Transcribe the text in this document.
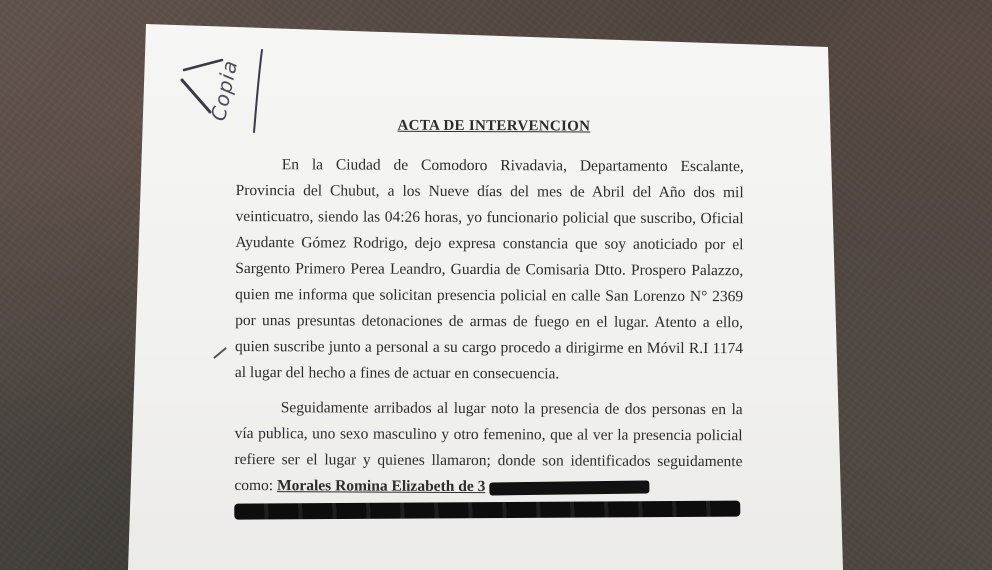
Copia
ACTA DE INTERVENCION

En la Ciudad de Comodoro Rivadavia, Departamento Escalante, Provincia del Chubut, a los Nueve días del mes de Abril del Año dos mil veinticuatro, siendo las 04:26 horas, yo funcionario policial que suscribo, Oficial Ayudante Gómez Rodrigo, dejo expresa constancia que soy anoticiado por el Sargento Primero Perea Leandro, Guardia de Comisaria Dtto. Prospero Palazzo, quien me informa que solicitan presencia policial en calle San Lorenzo N° 2369 por unas presuntas detonaciones de armas de fuego en el lugar. Atento a ello, quien suscribe junto a personal a su cargo procedo a dirigirme en Móvil R.I 1174 al lugar del hecho a fines de actuar en consecuencia.

Seguidamente arribados al lugar noto la presencia de dos personas en la vía publica, uno sexo masculino y otro femenino, que al ver la presencia policial refiere ser el lugar y quienes llamaron; donde son identificados seguidamente como: Morales Romina Elizabeth de 3
